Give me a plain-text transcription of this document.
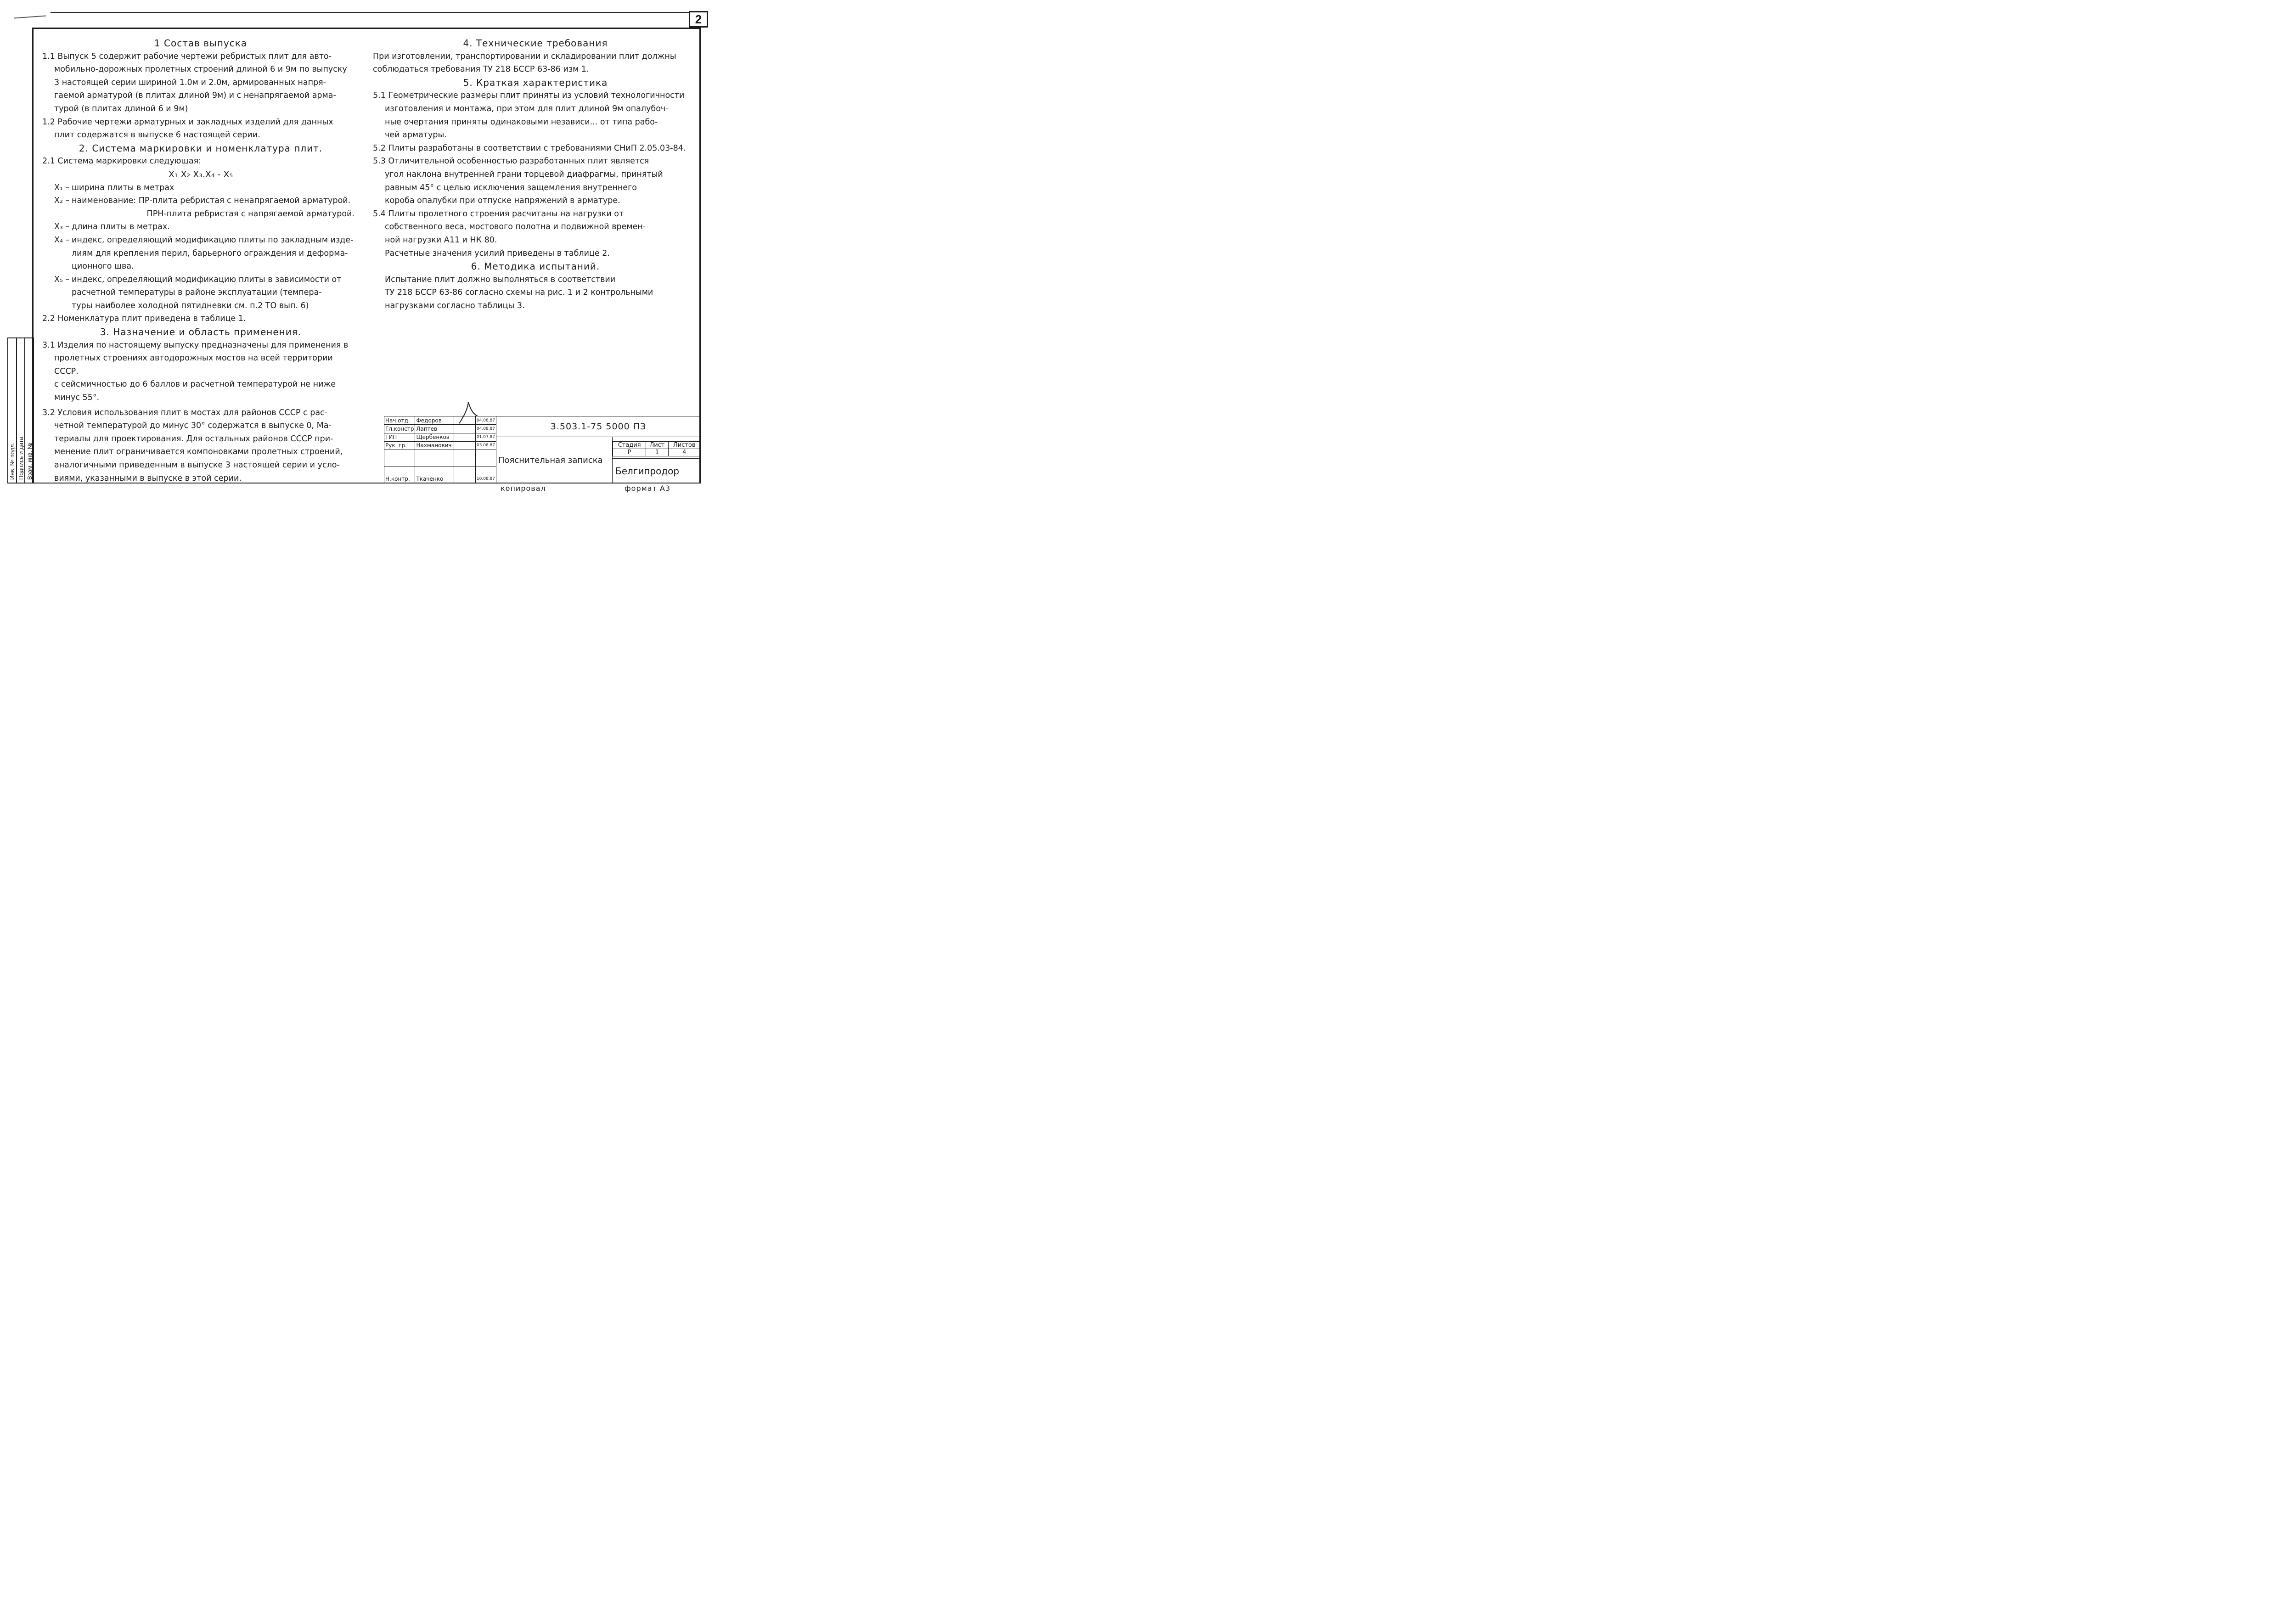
2
1 Состав выпуска
1.1 Выпуск 5 содержит рабочие чертежи ребристых плит для авто-
мобильно-дорожных пролетных строений длиной 6 и 9м по выпуску
3 настоящей серии шириной 1.0м и 2.0м, армированных напря-
гаемой арматурой (в плитах длиной 9м) и с ненапрягаемой арма-
турой (в плитах длиной 6 и 9м)
1.2 Рабочие чертежи арматурных и закладных изделий для данных
плит содержатся в выпуске 6 настоящей серии.
2. Система маркировки и номенклатура плит.
2.1 Система маркировки следующая:
X₁ X₂ X₃.X₄ - X₅
X₁ – ширина плиты в метрах
X₂ – наименование: ПР-плита ребристая с ненапрягаемой арматурой.
ПРН-плита ребристая с напрягаемой арматурой.
X₃ – длина плиты в метрах.
X₄ – индекс, определяющий модификацию плиты по закладным изде-
лиям для крепления перил, барьерного ограждения и деформа-
ционного шва.
X₅ – индекс, определяющий модификацию плиты в зависимости от
расчетной температуры в районе эксплуатации (темпера-
туры наиболее холодной пятидневки см. п.2 ТО вып. 6)
2.2 Номенклатура плит приведена в таблице 1.
3. Назначение и область применения.
3.1 Изделия по настоящему выпуску предназначены для применения в
пролетных строениях автодорожных мостов на всей территории СССР.
с сейсмичностью до 6 баллов и расчетной температурой не ниже
минус 55°.
3.2 Условия использования плит в мостах для районов СССР с рас-
четной температурой до минус 30° содержатся в выпуске 0, Ма-
териалы для проектирования. Для остальных районов СССР при-
менение плит ограничивается компоновками пролетных строений,
аналогичными приведенным в выпуске 3 настоящей серии и усло-
виями, указанными в выпуске в этой серии.
4. Технические требования
При изготовлении, транспортировании и складировании плит должны
соблюдаться требования ТУ 218 БССР 63-86 изм 1.
5. Краткая характеристика
5.1 Геометрические размеры плит приняты из условий технологичности
изготовления и монтажа, при этом для плит длиной 9м опалубоч-
ные очертания приняты одинаковыми независи... от типа рабо-
чей арматуры.
5.2 Плиты разработаны в соответствии с требованиями СНиП 2.05.03-84.
5.3 Отличительной особенностью разработанных плит является
угол наклона внутренней грани торцевой диафрагмы, принятый
равным 45° с целью исключения защемления внутреннего
короба опалубки при отпуске напряжений в арматуре.
5.4 Плиты пролетного строения расчитаны на нагрузки от
собственного веса, мостового полотна и подвижной времен-
ной нагрузки А11 и НК 80.
Расчетные значения усилий приведены в таблице 2.
6. Методика испытаний.
Испытание плит должно выполняться в соответствии
ТУ 218 БССР 63-86 согласно схемы на рис. 1 и 2 контрольными
нагрузками согласно таблицы 3.
Инв. № подл. Подпись и дата Взам. инв. №
Нач.отд.	Федоров		04.08.87
Гл.констр	Лаптев		04.08.87
ГИП	Щербенков		01.07.87
Рук. гр.	Нахманович		03.08.87

Н.контр.	Ткаченко		10.08.87
3.503.1-75 5000 ПЗ
Пояснительная записка
Стадия	Лист	Листов
Р	1	4
Белгипродор
копировал	формат А3
